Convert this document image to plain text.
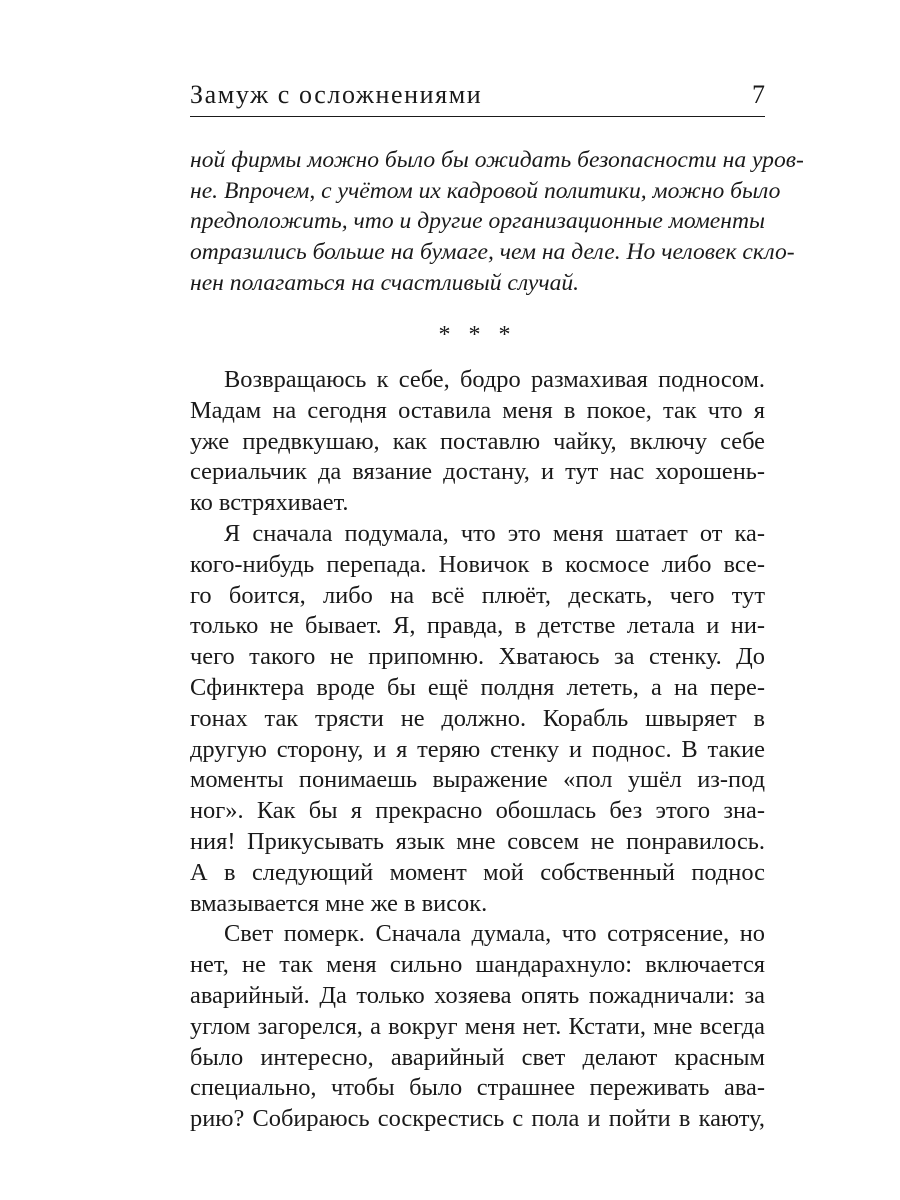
Замуж с осложнениями	7
ной фирмы можно было бы ожидать безопасности на уров-
не. Впрочем, с учётом их кадровой политики, можно было
предположить, что и другие организационные моменты
отразились больше на бумаге, чем на деле. Но человек скло-
нен полагаться на счастливый случай.
* * *
Возвращаюсь к себе, бодро размахивая подносом.
Мадам на сегодня оставила меня в покое, так что я
уже предвкушаю, как поставлю чайку, включу себе
сериальчик да вязание достану, и тут нас хорошень-
ко встряхивает.
Я сначала подумала, что это меня шатает от ка-
кого-нибудь перепада. Новичок в космосе либо все-
го боится, либо на всё плюёт, дескать, чего тут
только не бывает. Я, правда, в детстве летала и ни-
чего такого не припомню. Хватаюсь за стенку. До
Сфинктера вроде бы ещё полдня лететь, а на пере-
гонах так трясти не должно. Корабль швыряет в
другую сторону, и я теряю стенку и поднос. В такие
моменты понимаешь выражение «пол ушёл из-под
ног». Как бы я прекрасно обошлась без этого зна-
ния! Прикусывать язык мне совсем не понравилось.
А в следующий момент мой собственный поднос
вмазывается мне же в висок.
Свет померк. Сначала думала, что сотрясение, но
нет, не так меня сильно шандарахнуло: включается
аварийный. Да только хозяева опять пожадничали: за
углом загорелся, а вокруг меня нет. Кстати, мне всегда
было интересно, аварийный свет делают красным
специально, чтобы было страшнее переживать ава-
рию? Собираюсь соскрестись с пола и пойти в каюту,
